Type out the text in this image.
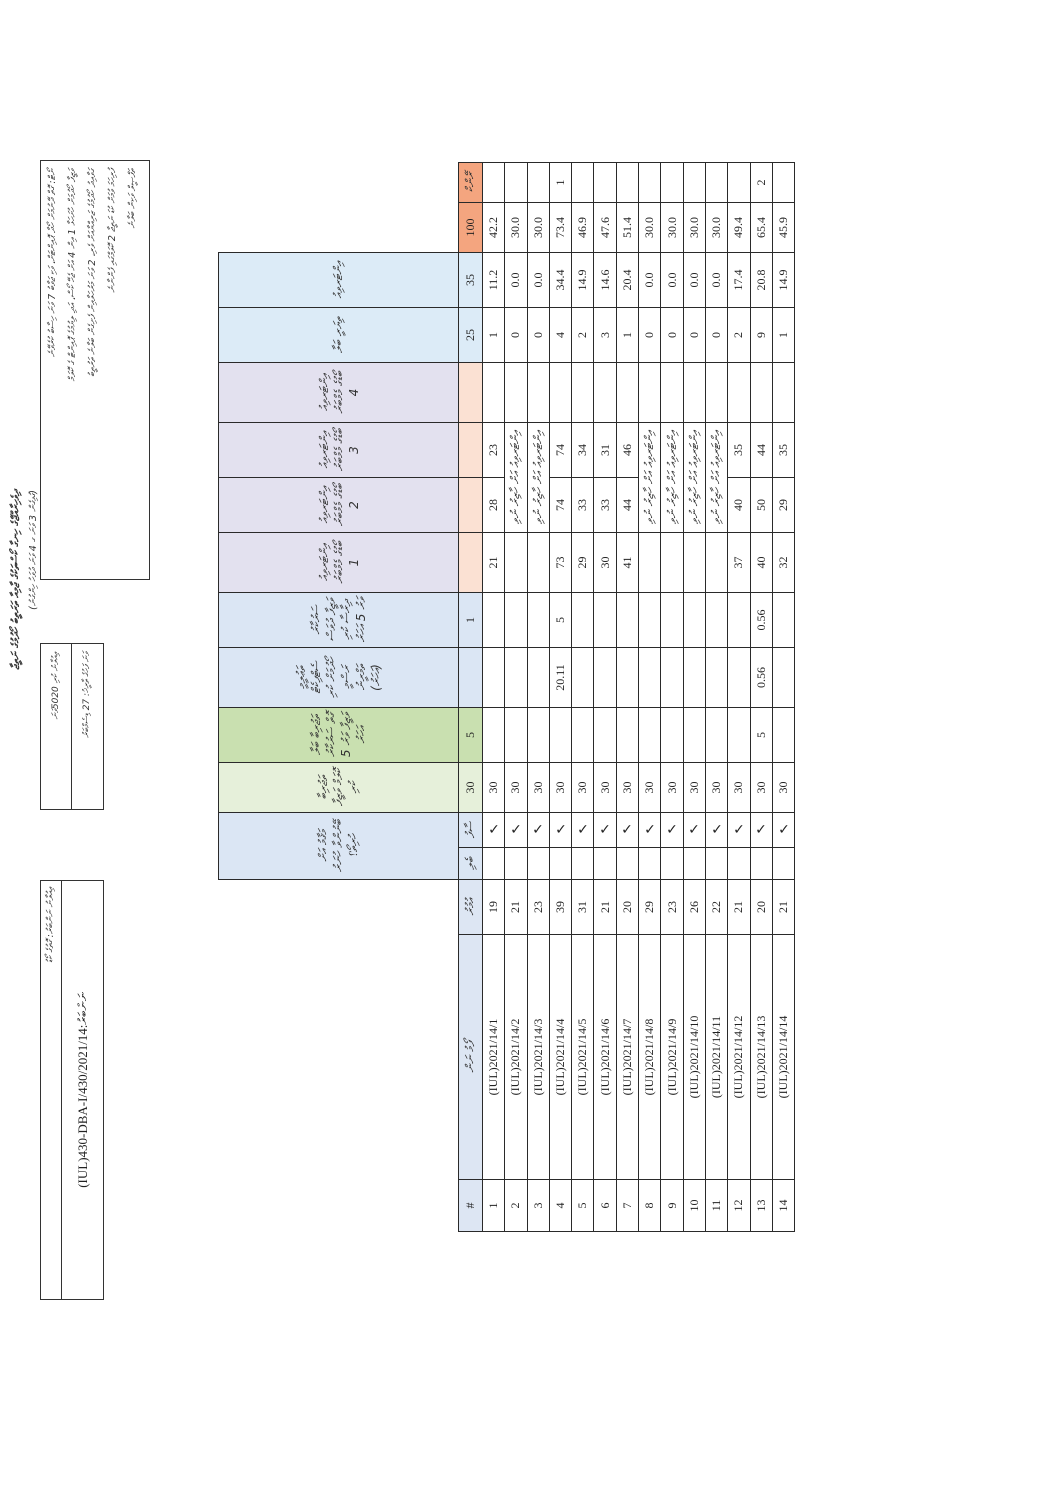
ދިވެހިރާއްޖޭގެ ހިނގާ ކޯސްތަކުގެ ޖާމިއާ ތަރަތީބު ހޯދުމުގެ ނަތީޖާ (ގުޅިގެން 3 ވަނަ ގ 4 ވަނަ ދުވަހު ހިންގުނު)
ޢިއުލާނު ނަންބަރު: ގޮތުގެ ކޯޑު
(IUL)430-DBA-I/430/2021/14:ނަންބަރު
ޢިއުލާނު ކުރި 5020ވަނަ
ވަނަ ފަހުގެ ތާރީޚު: 27 ޑިސެމްބަރު
ނޯޓް: ގޮތް ދޭނުމަށް ހޯދާ ޕޮއިންޓަށް، ވަކި ޖަވާބު 7 ވަނަ ހިސާބު ކުރެވޭނެ
ވަޒީފާ ހޯދުމަށް ހުށަހަޅާ 1 އިން 4 އަށް ޖެހޭ ކޯސް، އަދި ލިޔުމުގެ ޕޮއިންޓް ގެ ކޮލަމް
ގަވާއިދު ހޯދުމުގެ ޒަރިއްޔާއަށް ވެރި، 2 ވަނަ މަރުހަލާއިން ފެށިގެން ބަލާނެ ތަރުތީބު
ފުރިހަމަ ވުމަށް ކުޑަ ނަތީޖާ 2 ކޮލަމްގައި ފެންނާނެ ތަފްޞީލް ވަކިން ބަލާނެ
			މަޤާމު އަށް ބޭނުންވާ ހުނަރު ހުރިތޯ؟		ތަޖުރިބާ ކޮލަމް ވަޒީފާ ކުރި	ތަޖުރިބާ ބަލާ ގޮތް ސަރުކާރު ވަޒީފާ ވަރު 5 އަހަރު	ތަޢުލީމީ ސެޓްފިކެޓް ހޯދުމަށް ކުރި ރަސްމީ ތަމްރީނު (އަހަރު)	ސަރުކާރު ވަޒީފާ ދުވަސް ދިރާސާ ކުރި ވަރު 5 އަހަރު	އިންޓަރވިއު ބޯޑުގެ މެމްބަރު 1	އިންޓަރވިއު ބޯޑުގެ މެމްބަރު 2	އިންޓަރވިއު ބޯޑުގެ މެމްބަރު 3	އިންޓަރވިއު ބޯޑުގެ މެމްބަރު 4	ތިޔަރީ ބަލާ	އިންޓަރވިއު		
#	ފޯމު ނަން	އުމުރު	ބެލި	ސާފު	30	5		1					25	35	100	ރޭންކް
1	(IUL)2021/14/1	19		✓	30				21	28	23		1	11.2	42.2	
2	(IUL)2021/14/2	21		✓	30					އިންޓަރވިއު އަށް ހާޒިރު ނުވި			0	0.0	30.0	
3	(IUL)2021/14/3	23		✓	30					އިންޓަރވިއު އަށް ހާޒިރު ނުވި			0	0.0	30.0	
4	(IUL)2021/14/4	39		✓	30		20.11	5	73	74	74		4	34.4	73.4	1
5	(IUL)2021/14/5	31		✓	30				29	33	34		2	14.9	46.9	
6	(IUL)2021/14/6	21		✓	30				30	33	31		3	14.6	47.6	
7	(IUL)2021/14/7	20		✓	30				41	44	46		1	20.4	51.4	
8	(IUL)2021/14/8	29		✓	30					އިންޓަރވިއު އަށް ހާޒިރު ނުވި			0	0.0	30.0	
9	(IUL)2021/14/9	23		✓	30					އިންޓަރވިއު އަށް ހާޒިރު ނުވި			0	0.0	30.0	
10	(IUL)2021/14/10	26		✓	30					އިންޓަރވިއު އަށް ހާޒިރު ނުވި			0	0.0	30.0	
11	(IUL)2021/14/11	22		✓	30					އިންޓަރވިއު އަށް ހާޒިރު ނުވި			0	0.0	30.0	
12	(IUL)2021/14/12	21		✓	30				37	40	35		2	17.4	49.4	
13	(IUL)2021/14/13	20		✓	30	5	0.56	0.56	40	50	44		9	20.8	65.4	2
14	(IUL)2021/14/14	21		✓	30				32	29	35		1	14.9	45.9	
